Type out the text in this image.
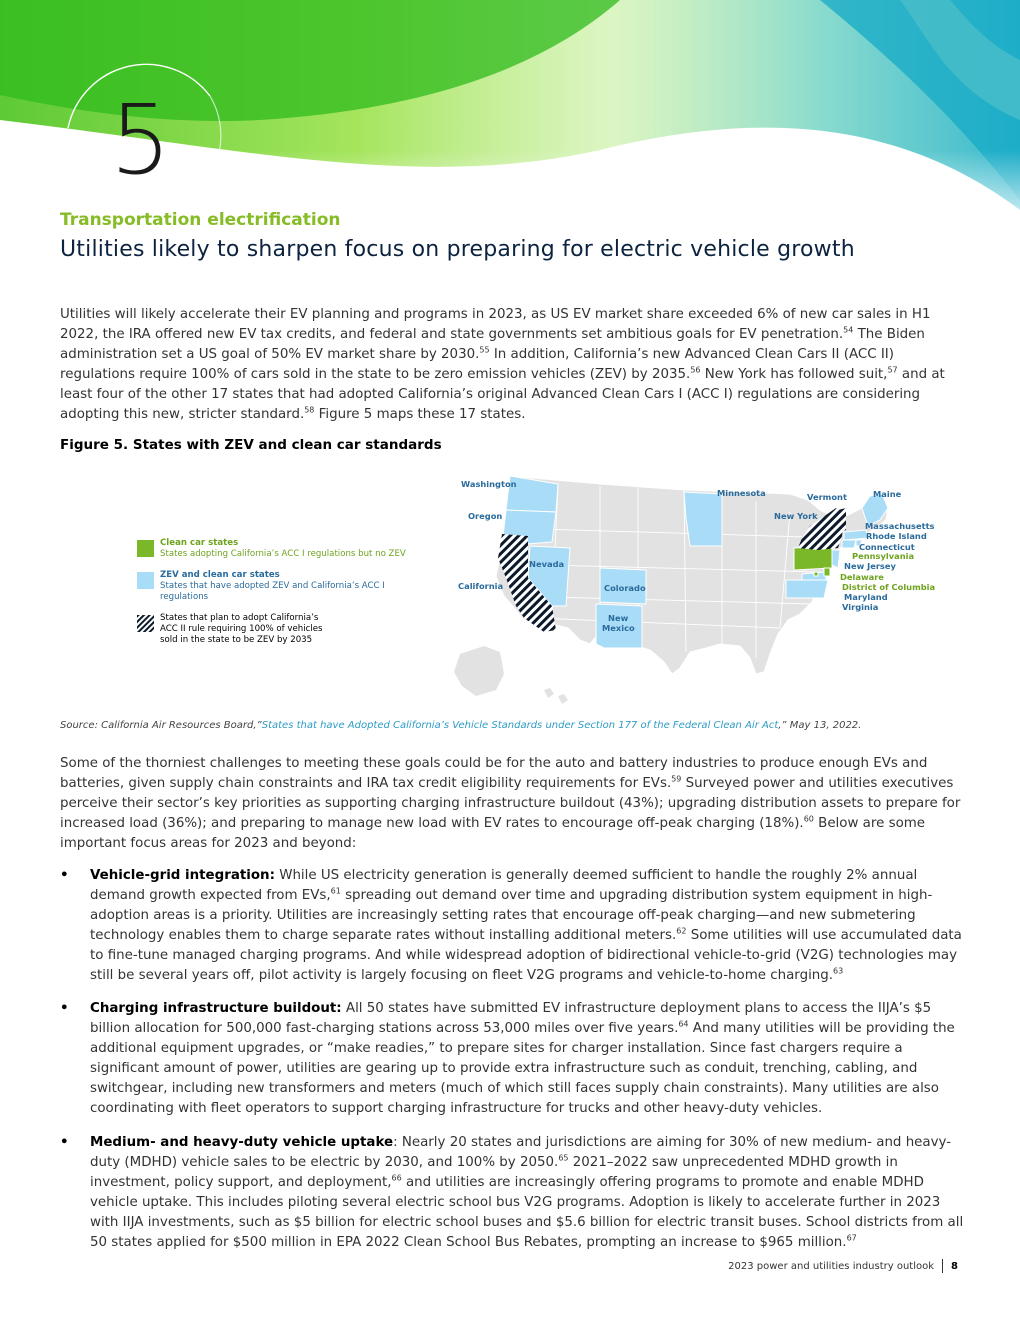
5
Transportation electrification
Utilities likely to sharpen focus on preparing for electric vehicle growth

Utilities will likely accelerate their EV planning and programs in 2023, as US EV market share exceeded 6% of new car sales in H1 2022, the IRA offered new EV tax credits, and federal and state governments set ambitious goals for EV penetration.$^{54}$ The Biden administration set a US goal of 50% EV market share by 2030.55 In addition, California’s new Advanced Clean Cars II (ACC II) regulations require 100% of cars sold in the state to be zero emission vehicles (ZEV) by 2035.56 New York has followed suit,$^{57}$ and at least four of the other 17 states that had adopted California’s original Advanced Clean Cars I (ACC I) regulations are considering adopting this new, stricter standard.$^{58}$ Figure 5 maps these 17 states.

Figure 5. States with ZEV and clean car standards
Clean car states
States adopting California’s ACC I regulations but no ZEV
ZEV and clean car states
States that have adopted ZEV and California’s ACC I regulations
States that plan to adopt California’s ACC II rule requiring 100% of vehicles sold in the state to be ZEV by 2035
Washington
Oregon
California
Nevada
Colorado
New
Mexico
Minnesota	Vermont	Maine
New York
Massachusetts
Rhode Island
Connecticut
Pennsylvania
New Jersey
Delaware
District of Columbia
Maryland
Virginia
Source: California Air Resources Board,”States that have Adopted California’s Vehicle Standards under Section 177 of the Federal Clean Air Act,” May 13, 2022.

Some of the thorniest challenges to meeting these goals could be for the auto and battery industries to produce enough EVs and batteries, given supply chain constraints and IRA tax credit eligibility requirements for EVs.$^{59}$ Surveyed power and utilities executives perceive their sector’s key priorities as supporting charging infrastructure buildout (43%); upgrading distribution assets to prepare for increased load (36%); and preparing to manage new load with EV rates to encourage off-peak charging (18%).$^{60}$ Below are some important focus areas for 2023 and beyond:

• Vehicle-grid integration: While US electricity generation is generally deemed sufficient to handle the roughly 2% annual demand growth expected from EVs,$^{61}$ spreading out demand over time and upgrading distribution system equipment in high-adoption areas is a priority. Utilities are increasingly setting rates that encourage off-peak charging—and new submetering technology enables them to charge separate rates without installing additional meters.$^{62}$ Some utilities will use accumulated data to fine-tune managed charging programs. And while widespread adoption of bidirectional vehicle-to-grid (V2G) technologies may still be several years off, pilot activity is largely focusing on fleet V2G programs and vehicle-to-home charging.$^{63}$
• Charging infrastructure buildout: All 50 states have submitted EV infrastructure deployment plans to access the IIJA’s $5 billion allocation for 500,000 fast-charging stations across 53,000 miles over five years.$^{64}$ And many utilities will be providing the additional equipment upgrades, or “make readies,” to prepare sites for charger installation. Since fast chargers require a significant amount of power, utilities are gearing up to provide extra infrastructure such as conduit, trenching, cabling, and switchgear, including new transformers and meters (much of which still faces supply chain constraints). Many utilities are also coordinating with fleet operators to support charging infrastructure for trucks and other heavy-duty vehicles.
• Medium- and heavy-duty vehicle uptake: Nearly 20 states and jurisdictions are aiming for 30% of new medium- and heavy-duty (MDHD) vehicle sales to be electric by 2030, and 100% by 2050.65 2021–2022 saw unprecedented MDHD growth in investment, policy support, and deployment,$^{66}$ and utilities are increasingly offering programs to promote and enable MDHD vehicle uptake. This includes piloting several electric school bus V2G programs. Adoption is likely to accelerate further in 2023 with IIJA investments, such as $5 billion for electric school buses and $5.6 billion for electric transit buses. School districts from all 50 states applied for $500 million in EPA 2022 Clean School Bus Rebates, prompting an increase to $965 million.$^{67}$
2023 power and utilities industry outlook 8
